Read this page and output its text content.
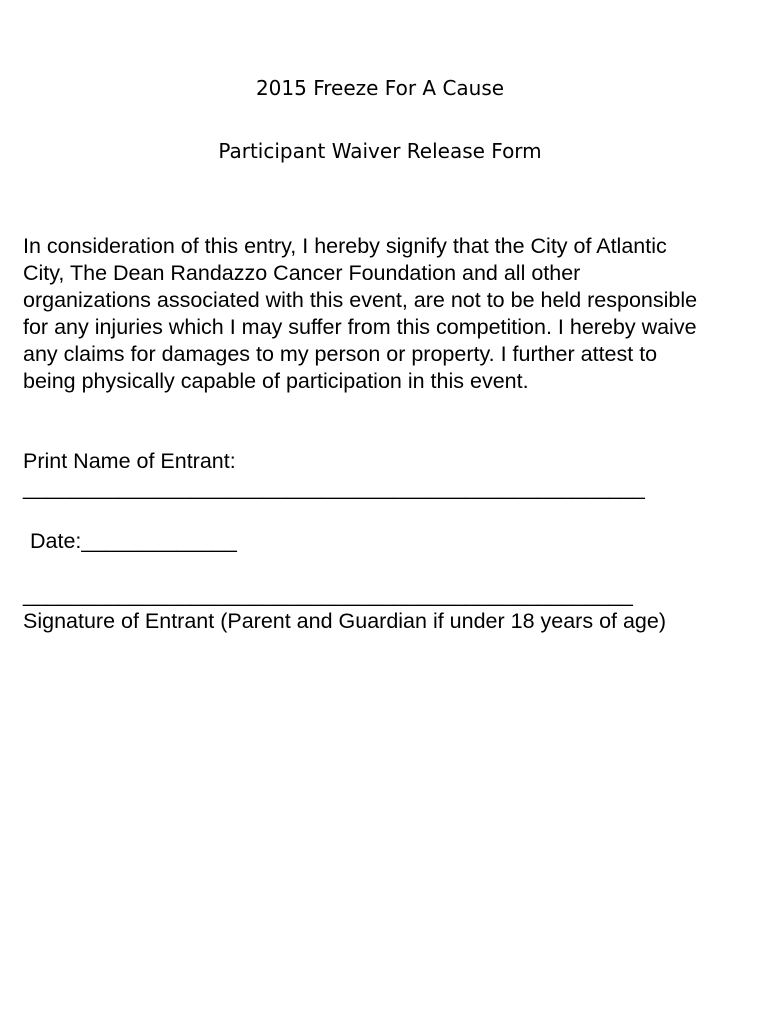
2015 Freeze For A Cause
Participant Waiver Release Form
In consideration of this entry, I hereby signify that the City of Atlantic
City, The Dean Randazzo Cancer Foundation and all other
organizations associated with this event, are not to be held responsible
for any injuries which I may suffer from this competition. I hereby waive
any claims for damages to my person or property. I further attest to
being physically capable of participation in this event.
Print Name of Entrant:
____________________________________________________
Date:_____________
___________________________________________________
Signature of Entrant (Parent and Guardian if under 18 years of age)
